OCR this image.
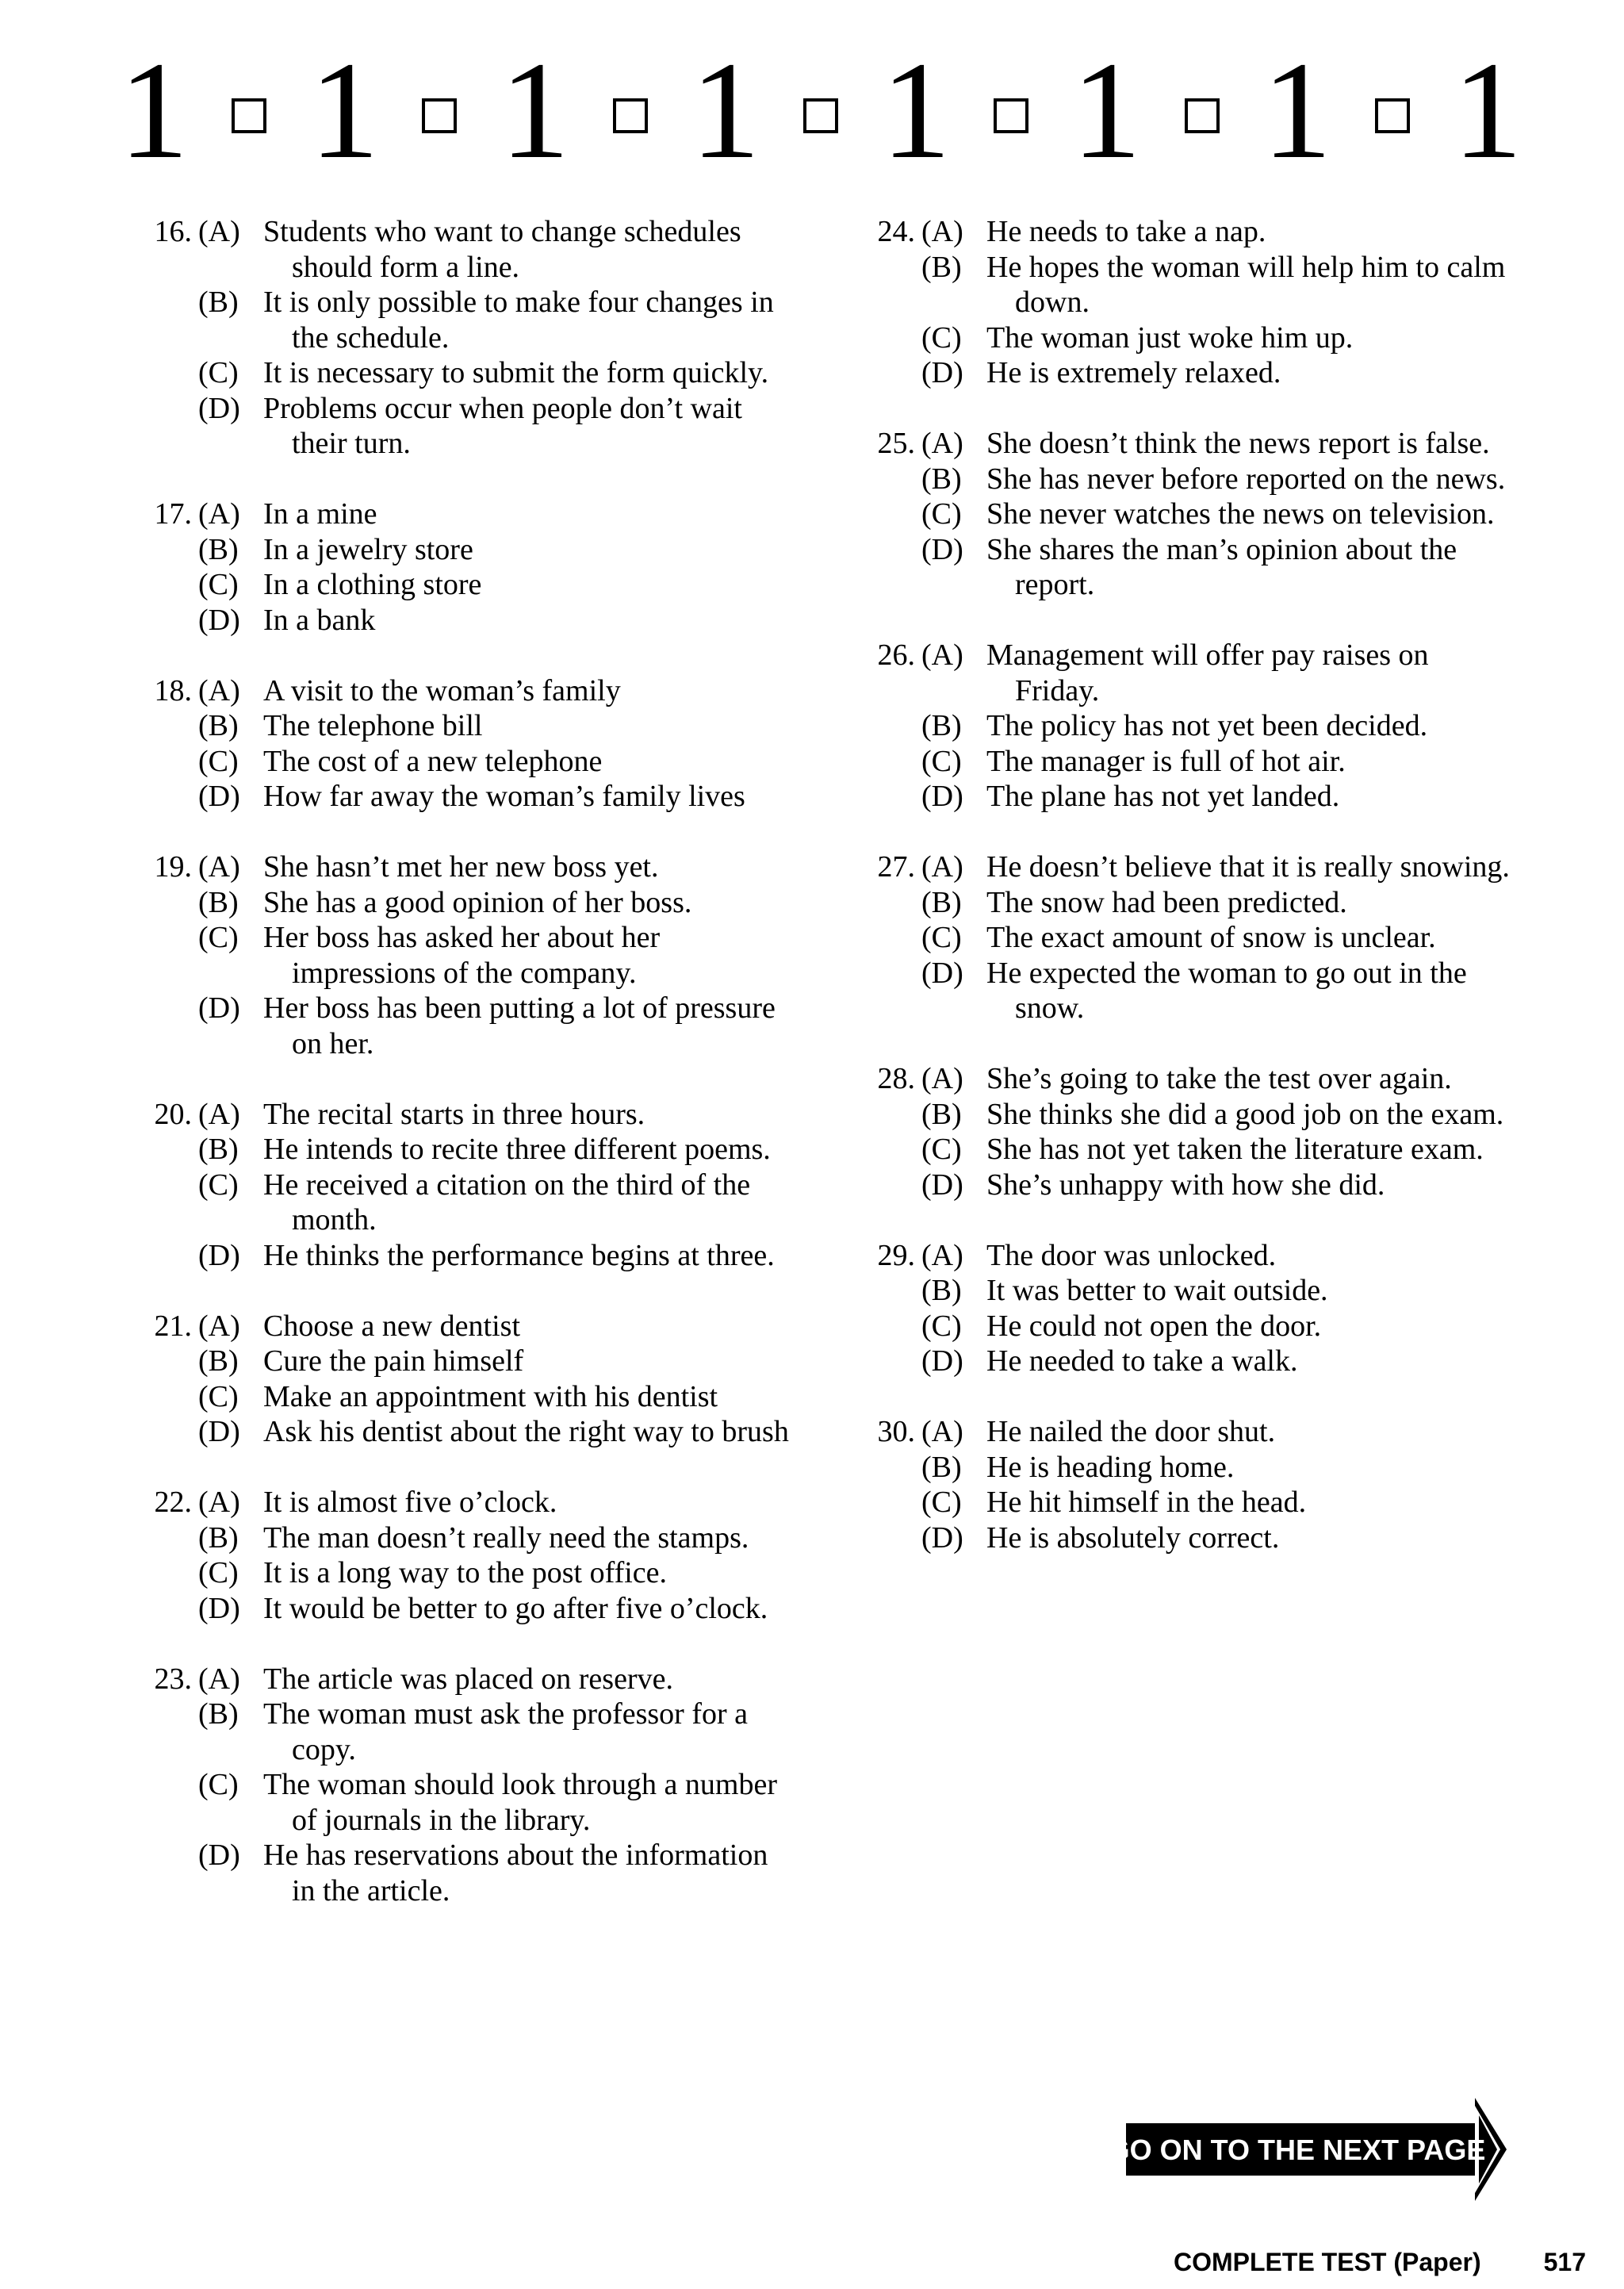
1 1 1 1 1 1 1 1
16. (A) Students who want to change schedules should form a line.
(B) It is only possible to make four changes in the schedule.
(C) It is necessary to submit the form quickly.
(D) Problems occur when people don’t wait their turn.
17. (A) In a mine
(B) In a jewelry store
(C) In a clothing store
(D) In a bank
18. (A) A visit to the woman’s family
(B) The telephone bill
(C) The cost of a new telephone
(D) How far away the woman’s family lives
19. (A) She hasn’t met her new boss yet.
(B) She has a good opinion of her boss.
(C) Her boss has asked her about her impressions of the company.
(D) Her boss has been putting a lot of pressure on her.
20. (A) The recital starts in three hours.
(B) He intends to recite three different poems.
(C) He received a citation on the third of the month.
(D) He thinks the performance begins at three.
21. (A) Choose a new dentist
(B) Cure the pain himself
(C) Make an appointment with his dentist
(D) Ask his dentist about the right way to brush
22. (A) It is almost five o’clock.
(B) The man doesn’t really need the stamps.
(C) It is a long way to the post office.
(D) It would be better to go after five o’clock.
23. (A) The article was placed on reserve.
(B) The woman must ask the professor for a copy.
(C) The woman should look through a number of journals in the library.
(D) He has reservations about the information in the article.
24. (A) He needs to take a nap.
(B) He hopes the woman will help him to calm down.
(C) The woman just woke him up.
(D) He is extremely relaxed.
25. (A) She doesn’t think the news report is false.
(B) She has never before reported on the news.
(C) She never watches the news on television.
(D) She shares the man’s opinion about the report.
26. (A) Management will offer pay raises on Friday.
(B) The policy has not yet been decided.
(C) The manager is full of hot air.
(D) The plane has not yet landed.
27. (A) He doesn’t believe that it is really snowing.
(B) The snow had been predicted.
(C) The exact amount of snow is unclear.
(D) He expected the woman to go out in the snow.
28. (A) She’s going to take the test over again.
(B) She thinks she did a good job on the exam.
(C) She has not yet taken the literature exam.
(D) She’s unhappy with how she did.
29. (A) The door was unlocked.
(B) It was better to wait outside.
(C) He could not open the door.
(D) He needed to take a walk.
30. (A) He nailed the door shut.
(B) He is heading home.
(C) He hit himself in the head.
(D) He is absolutely correct.
GO ON TO THE NEXT PAGE
COMPLETE TEST (Paper) 517
